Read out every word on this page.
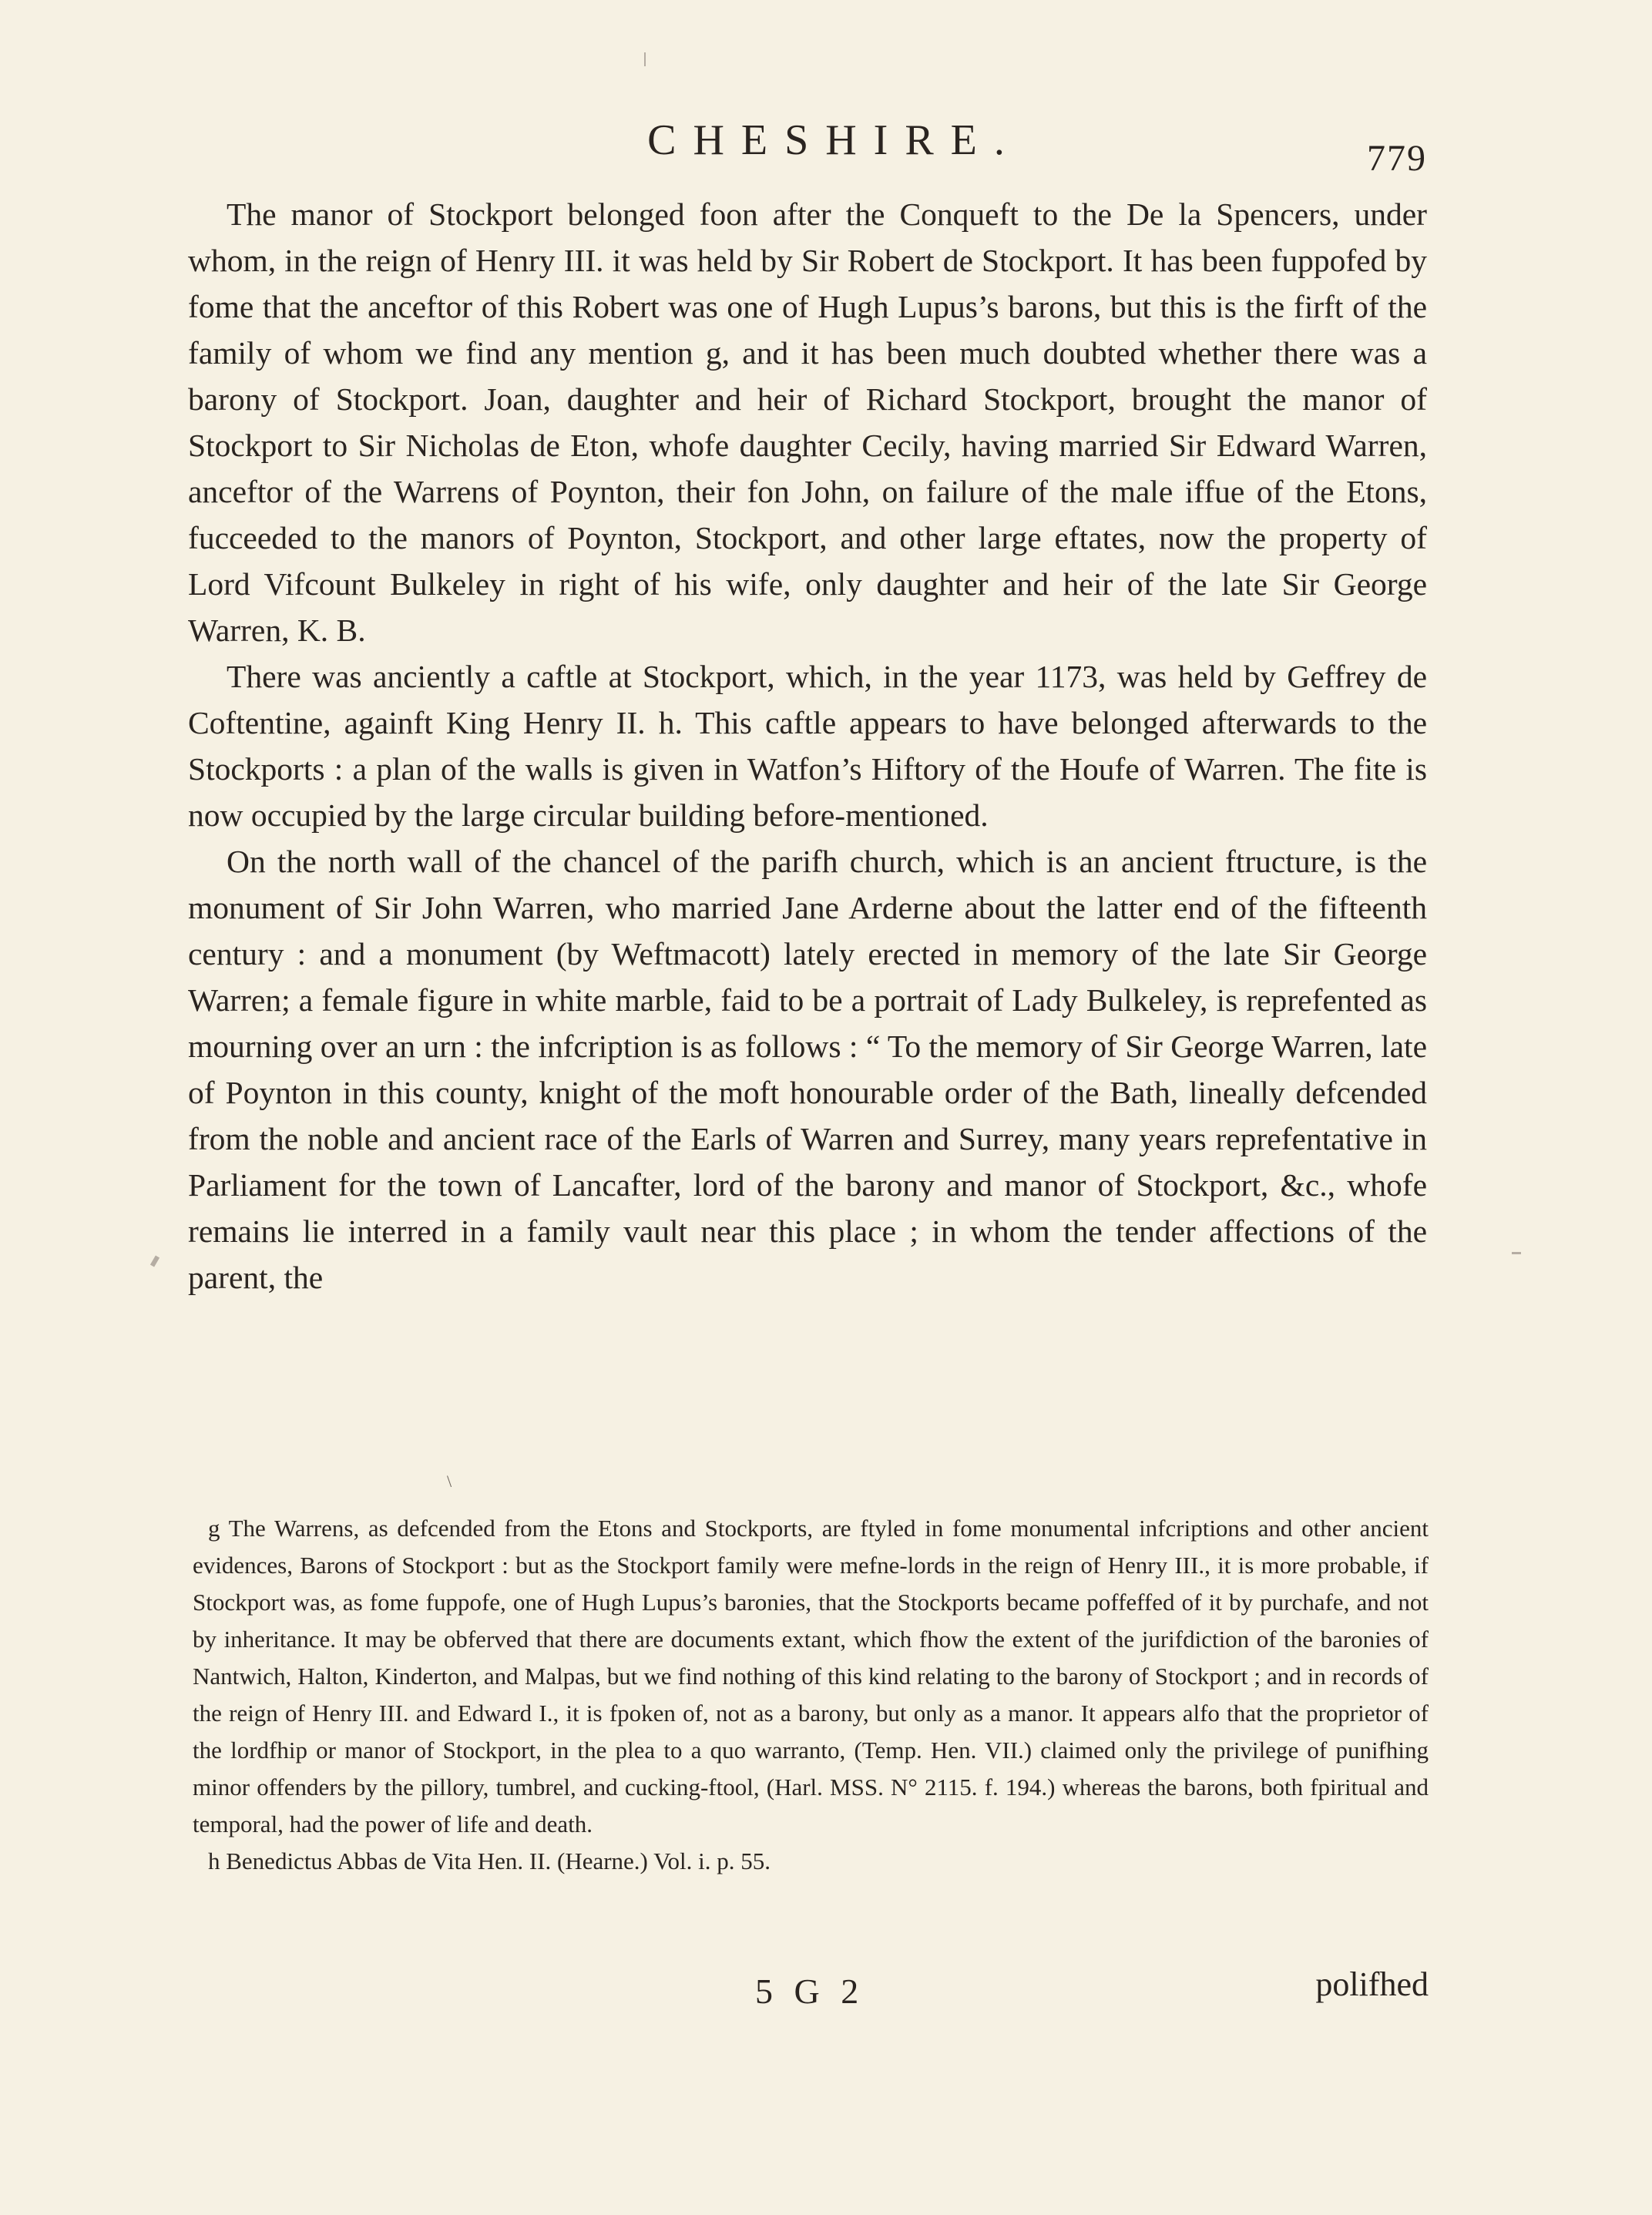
CHESHIRE.	779

The manor of Stockport belonged foon after the Conqueft to the De la Spencers, under whom, in the reign of Henry III. it was held by Sir Robert de Stockport. It has been fuppofed by fome that the anceftor of this Robert was one of Hugh Lupus’s barons, but this is the firft of the family of whom we find any mention g, and it has been much doubted whether there was a barony of Stockport. Joan, daughter and heir of Richard Stockport, brought the manor of Stockport to Sir Nicholas de Eton, whofe daughter Cecily, having married Sir Edward Warren, anceftor of the Warrens of Poynton, their fon John, on failure of the male iffue of the Etons, fucceeded to the manors of Poynton, Stockport, and other large eftates, now the property of Lord Vifcount Bulkeley in right of his wife, only daughter and heir of the late Sir George Warren, K. B.

There was anciently a caftle at Stockport, which, in the year 1173, was held by Geffrey de Coftentine, againft King Henry II. h. This caftle appears to have belonged afterwards to the Stockports : a plan of the walls is given in Watfon’s Hiftory of the Houfe of Warren. The fite is now occupied by the large circular building before-mentioned.

On the north wall of the chancel of the parifh church, which is an ancient ftructure, is the monument of Sir John Warren, who married Jane Arderne about the latter end of the fifteenth century : and a monument (by Weftmacott) lately erected in memory of the late Sir George Warren; a female figure in white marble, faid to be a portrait of Lady Bulkeley, is reprefented as mourning over an urn : the infcription is as follows : “ To the memory of Sir George Warren, late of Poynton in this county, knight of the moft honourable order of the Bath, lineally defcended from the noble and ancient race of the Earls of Warren and Surrey, many years reprefentative in Parliament for the town of Lancafter, lord of the barony and manor of Stockport, &c., whofe remains lie interred in a family vault near this place ; in whom the tender affections of the parent, the

\

g The Warrens, as defcended from the Etons and Stockports, are ftyled in fome monumental infcriptions and other ancient evidences, Barons of Stockport : but as the Stockport family were mefne-lords in the reign of Henry III., it is more probable, if Stockport was, as fome fuppofe, one of Hugh Lupus’s baronies, that the Stockports became poffeffed of it by purchafe, and not by inheritance. It may be obferved that there are documents extant, which fhow the extent of the jurifdiction of the baronies of Nantwich, Halton, Kinderton, and Malpas, but we find nothing of this kind relating to the barony of Stockport ; and in records of the reign of Henry III. and Edward I., it is fpoken of, not as a barony, but only as a manor. It appears alfo that the proprietor of the lordfhip or manor of Stockport, in the plea to a quo warranto, (Temp. Hen. VII.) claimed only the privilege of punifhing minor offenders by the pillory, tumbrel, and cucking-ftool, (Harl. MSS. N° 2115. f. 194.) whereas the barons, both fpiritual and temporal, had the power of life and death.

h Benedictus Abbas de Vita Hen. II. (Hearne.) Vol. i. p. 55.

5 G 2	polifhed
